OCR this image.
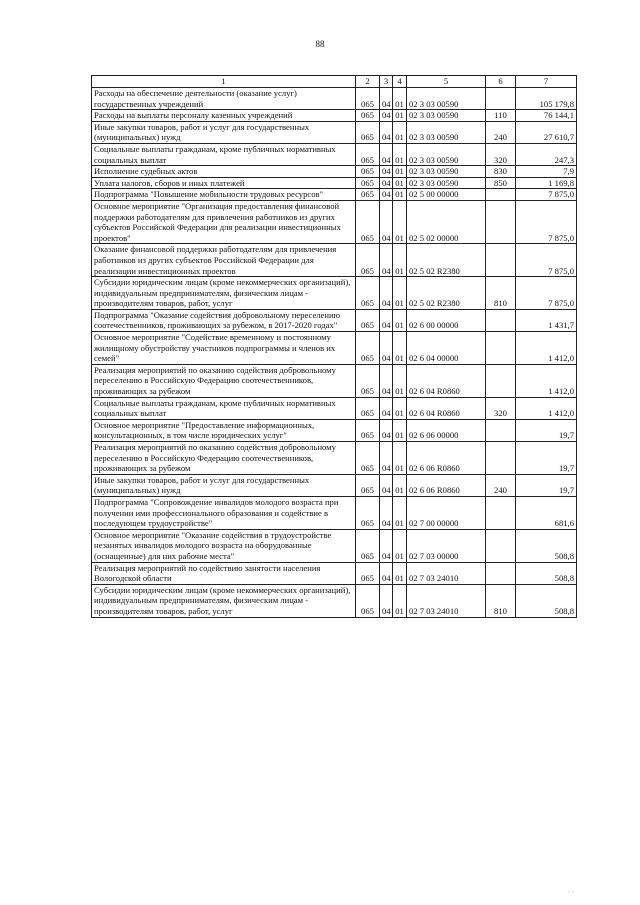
88
1	2	3	4	5	6	7
Расходы на обеспечение деятельности (оказание услуг) государственных учреждений	065	04	01	02 3 03 00590		105 179,8
Расходы на выплаты персоналу казенных учреждений	065	04	01	02 3 03 00590	110	76 144,1
Иные закупки товаров, работ и услуг для государственных (муниципальных) нужд	065	04	01	02 3 03 00590	240	27 610,7
Социальные выплаты гражданам, кроме публичных нормативных социальных выплат	065	04	01	02 3 03 00590	320	247,3
Исполнение судебных актов	065	04	01	02 3 03 00590	830	7,9
Уплата налогов, сборов и иных платежей	065	04	01	02 3 03 00590	850	1 169,8
Подпрограмма "Повышение мобильности трудовых ресурсов"	065	04	01	02 5 00 00000		7 875,0
Основное мероприятие "Организация предоставления финансовой поддержки работодателям для привлечения работников из других субъектов Российской Федерации для реализации инвестиционных проектов"	065	04	01	02 5 02 00000		7 875,0
Оказание финансовой поддержки работодателям для привлечения работников из других субъектов Российской Федерации для реализации инвестиционных проектов	065	04	01	02 5 02 R2380		7 875,0
Субсидии юридическим лицам (кроме некоммерческих организаций), индивидуальным предпринимателям, физическим лицам - производителям товаров, работ, услуг	065	04	01	02 5 02 R2380	810	7 875,0
Подпрограмма "Оказание содействия добровольному переселению соотечественников, проживающих за рубежом, в 2017-2020 годах"	065	04	01	02 6 00 00000		1 431,7
Основное мероприятие "Содействие временному и постоянному жилищному обустройству участников подпрограммы и членов их семей"	065	04	01	02 6 04 00000		1 412,0
Реализация мероприятий по оказанию содействия добровольному переселению в Российскую Федерацию соотечественников, проживающих за рубежом	065	04	01	02 6 04 R0860		1 412,0
Социальные выплаты гражданам, кроме публичных нормативных социальных выплат	065	04	01	02 6 04 R0860	320	1 412,0
Основное мероприятие "Предоставление информационных, консультационных, в том числе юридических услуг"	065	04	01	02 6 06 00000		19,7
Реализация мероприятий по оказанию содействия добровольному переселению в Российскую Федерацию соотечественников, проживающих за рубежом	065	04	01	02 6 06 R0860		19,7
Иные закупки товаров, работ и услуг для государственных (муниципальных) нужд	065	04	01	02 6 06 R0860	240	19,7
Подпрограмма "Сопровождение инвалидов молодого возраста при получении ими профессионального образования и содействие в последующем трудоустройстве"	065	04	01	02 7 00 00000		681,6
Основное мероприятие "Оказание содействия в трудоустройстве незанятых инвалидов молодого возраста на оборудованные (оснащенные) для них рабочие места"	065	04	01	02 7 03 00000		508,8
Реализация мероприятий по содействию занятости населения Вологодской области	065	04	01	02 7 03 24010		508,8
Субсидии юридическим лицам (кроме некоммерческих организаций), индивидуальным предпринимателям, физическим лицам - производителям товаров, работ, услуг	065	04	01	02 7 03 24010	810	508,8
· ·
